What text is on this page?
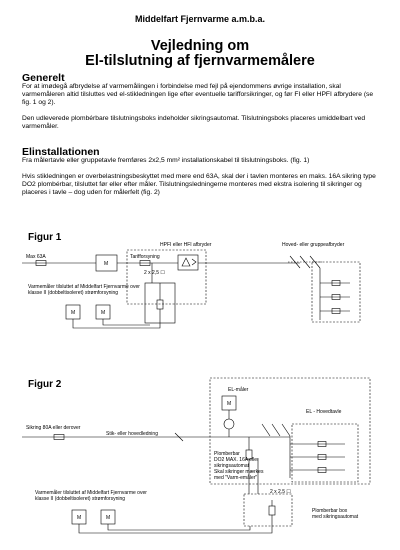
Middelfart Fjernvarme a.m.b.a.
Vejledning om
El-tilslutning af fjernvarmemålere
Generelt
For at imødegå afbrydelse af varmemålingen i forbindelse med fejl på ejendommens øvrige installation, skal varmemåleren altid tilsluttes ved el-stikledningen lige efter eventuelle tarifforsikringer, og før FI eller HPFI afbrydere (se fig. 1 og 2).
Den udleverede plombérbare tilslutningsboks indeholder sikringsautomat. Tilslutningsboks placeres umiddelbart ved varmemåler.
Elinstallationen
Fra målertavle eller gruppetavle fremføres 2x2,5 mm² installationskabel til tilslutningsboks. (fig. 1)
Hvis stikledningen er overbelastningsbeskyttet med mere end 63A, skal der i tavlen monteres en maks. 16A sikring type DO2 plombérbar, tilsluttet før eller efter måler. Tilslutningsledningerne monteres med ekstra isolering til sikringer og placeres i tavle – dog uden for målerfelt (fig. 2)
Figur 1
Figur 2
Max 63A
M
Tarifforsyning
HPFI eller HFI afbryder
2 x 2,5 ☐
Hoved- eller gruppeafbryder
Varmemåler tilsluttet af Middelfart Fjernvarme over
klasse II (dobbeltisoleret) strømforsyning
M	M
Sikring 80A eller derover
Stik- eller hovedledning
EL-måler
M
EL - Hovedtavle
Plomberbar
DO2 MAX. 16A eller
sikringsautomat
Skal sikringer mærkes
med "Varm-emåler"
2 x 2,5 ☐
Plomberbar box
med sikringsautomat
Varmemåler tilsluttet af Middelfart Fjernvarme over
klasse II (dobbeltisoleret) strømforsyning
M	M
